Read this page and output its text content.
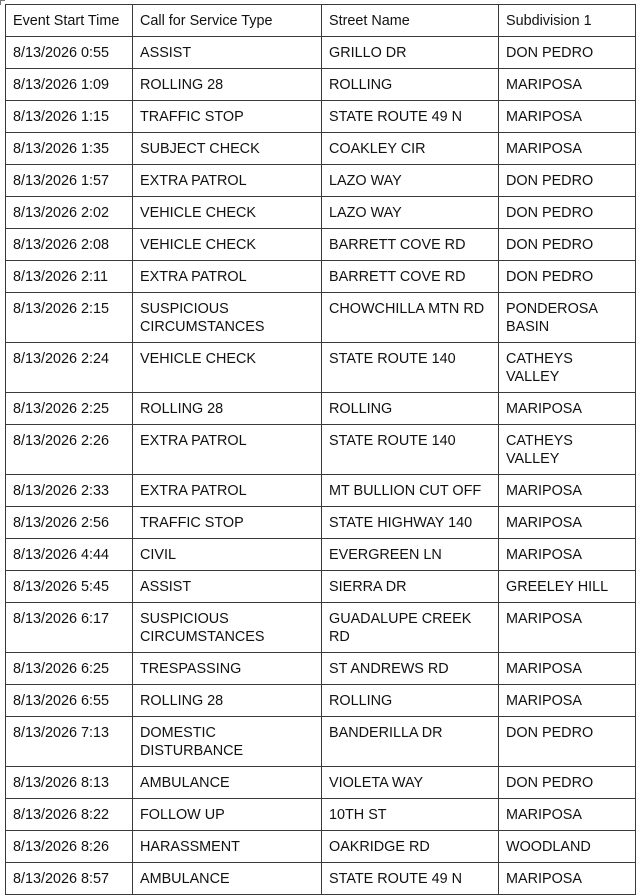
Event Start Time	Call for Service Type	Street Name	Subdivision 1
8/13/2026 0:55	ASSIST	GRILLO DR	DON PEDRO
8/13/2026 1:09	ROLLING 28	ROLLING	MARIPOSA
8/13/2026 1:15	TRAFFIC STOP	STATE ROUTE 49 N	MARIPOSA
8/13/2026 1:35	SUBJECT CHECK	COAKLEY CIR	MARIPOSA
8/13/2026 1:57	EXTRA PATROL	LAZO WAY	DON PEDRO
8/13/2026 2:02	VEHICLE CHECK	LAZO WAY	DON PEDRO
8/13/2026 2:08	VEHICLE CHECK	BARRETT COVE RD	DON PEDRO
8/13/2026 2:11	EXTRA PATROL	BARRETT COVE RD	DON PEDRO
8/13/2026 2:15	SUSPICIOUS CIRCUMSTANCES	CHOWCHILLA MTN RD	PONDEROSA BASIN
8/13/2026 2:24	VEHICLE CHECK	STATE ROUTE 140	CATHEYS VALLEY
8/13/2026 2:25	ROLLING 28	ROLLING	MARIPOSA
8/13/2026 2:26	EXTRA PATROL	STATE ROUTE 140	CATHEYS VALLEY
8/13/2026 2:33	EXTRA PATROL	MT BULLION CUT OFF	MARIPOSA
8/13/2026 2:56	TRAFFIC STOP	STATE HIGHWAY 140	MARIPOSA
8/13/2026 4:44	CIVIL	EVERGREEN LN	MARIPOSA
8/13/2026 5:45	ASSIST	SIERRA DR	GREELEY HILL
8/13/2026 6:17	SUSPICIOUS CIRCUMSTANCES	GUADALUPE CREEK RD	MARIPOSA
8/13/2026 6:25	TRESPASSING	ST ANDREWS RD	MARIPOSA
8/13/2026 6:55	ROLLING 28	ROLLING	MARIPOSA
8/13/2026 7:13	DOMESTIC DISTURBANCE	BANDERILLA DR	DON PEDRO
8/13/2026 8:13	AMBULANCE	VIOLETA WAY	DON PEDRO
8/13/2026 8:22	FOLLOW UP	10TH ST	MARIPOSA
8/13/2026 8:26	HARASSMENT	OAKRIDGE RD	WOODLAND
8/13/2026 8:57	AMBULANCE	STATE ROUTE 49 N	MARIPOSA
